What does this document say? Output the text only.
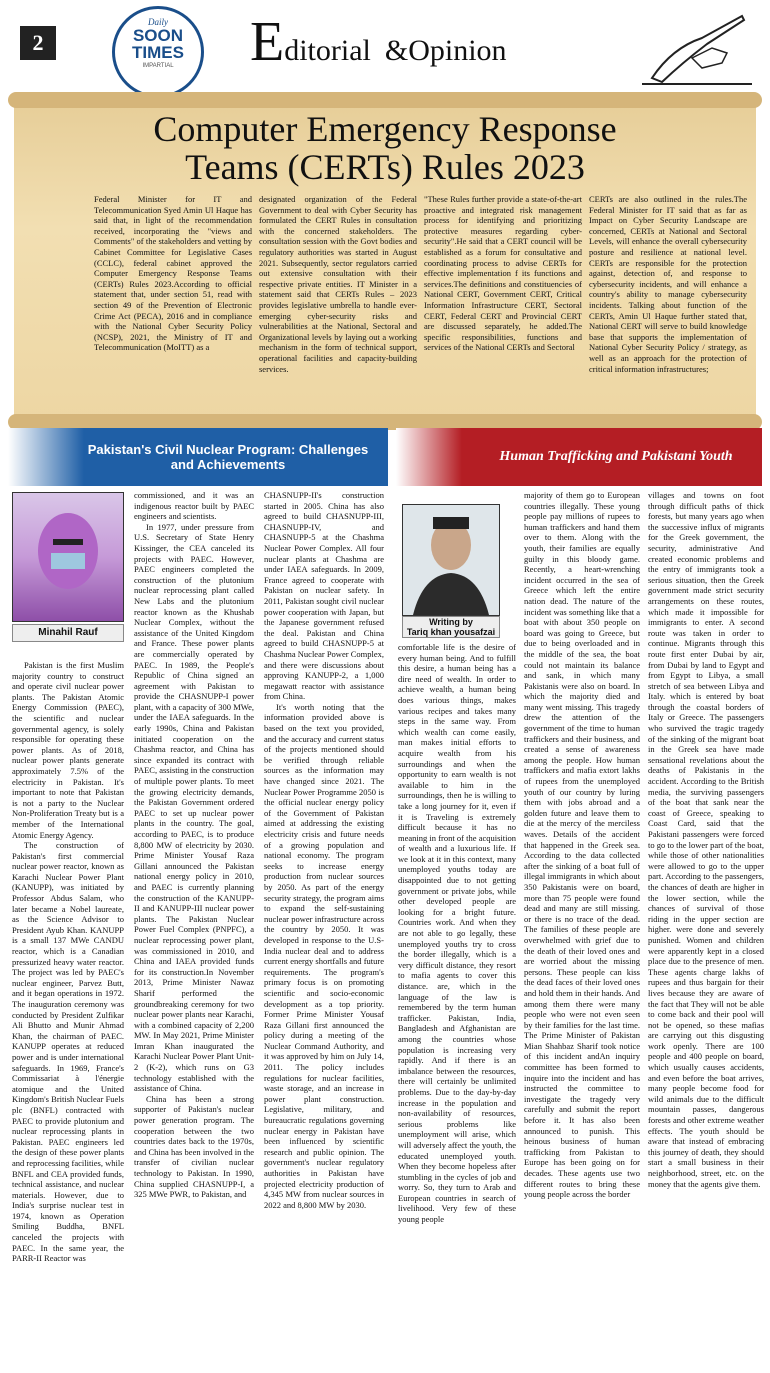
2
Daily
SOON
TIMES
IMPARTIAL	Editorial &Opinion
Computer Emergency Response Teams (CERTs) Rules 2023
Federal Minister for IT and Telecommunication Syed Amin Ul Haque has said that, in light of the recommendation received, incorporating the "views and Comments" of the stakeholders and vetting by Cabinet Committee for Legislative Cases (CCLC), federal cabinet approved the Computer Emergency Response Teams (CERTs) Rules 2023.According to official statement that, under section 51, read with section 49 of the Prevention of Electronic Crime Act (PECA), 2016 and in compliance with the National Cyber Security Policy (NCSP), 2021, the Ministry of IT and Telecommunication (MoITT) as a
designated organization of the Federal Government to deal with Cyber Security has formulated the CERT Rules in consultation with the concerned stakeholders. The consultation session with the Govt bodies and regulatory authorities was started in August 2021. Subsequently, sector regulators carried out extensive consultation with their respective private entities. IT Minister in a statement said that CERTs Rules – 2023 provides legislative umbrella to handle ever-emerging cyber-security risks and vulnerabilities at the National, Sectoral and Organizational levels by laying out a working mechanism in the form of technical support, operational facilities and capacity-building services.
"These Rules further provide a state-of-the-art proactive and integrated risk management process for identifying and prioritizing protective measures regarding cyber-security".He said that a CERT council will be established as a forum for consultative and coordinating process to advise CERTs for effective implementation f its functions and services.The definitions and constituencies of National CERT, Government CERT, Critical Information Infrastructure CERT, Sectoral CERT, Federal CERT and Provincial CERT are discussed separately, he added.The specific responsibilities, functions and services of the National CERTs and Sectoral
CERTs are also outlined in the rules.The Federal Minister for IT said that as far as Impact on Cyber Security Landscape are concerned, CERTs at National and Sectoral Levels, will enhance the overall cybersecurity posture and resilience at national level. CERTs are responsible for the protection against, detection of, and response to cybersecurity incidents, and will enhance a country's ability to manage cybersecurity incidents. Talking about function of the CERTs, Amin Ul Haque further stated that, National CERT will serve to build knowledge base that supports the implementation of National Cyber Security Policy / strategy, as well as an approach for the protection of critical information infrastructures;
Pakistan's Civil Nuclear Program: Challenges and Achievements
Minahil Rauf

Pakistan is the first Muslim majority country to construct and operate civil nuclear power plants. The Pakistan Atomic Energy Commission (PAEC), the scientific and nuclear governmental agency, is solely responsible for operating these power plants. As of 2018, nuclear power plants generate approximately 7.5% of the electricity in Pakistan. It's important to note that Pakistan is not a party to the Nuclear Non-Proliferation Treaty but is a member of the International Atomic Energy Agency.

The construction of Pakistan's first commercial nuclear power reactor, known as Karachi Nuclear Power Plant (KANUPP), was initiated by Professor Abdus Salam, who later became a Nobel laureate, as the Science Advisor to President Ayub Khan. KANUPP is a small 137 MWe CANDU reactor, which is a Canadian pressurized heavy water reactor. The project was led by PAEC's nuclear engineer, Parvez Butt, and it began operations in 1972. The inauguration ceremony was conducted by President Zulfikar Ali Bhutto and Munir Ahmad Khan, the chairman of PAEC. KANUPP operates at reduced power and is under international safeguards. In 1969, France's Commissariat à l'énergie atomique and the United Kingdom's British Nuclear Fuels plc (BNFL) contracted with PAEC to provide plutonium and nuclear reprocessing plants in Pakistan. PAEC engineers led the design of these power plants and reprocessing facilities, while BNFL and CEA provided funds, technical assistance, and nuclear materials. However, due to India's surprise nuclear test in 1974, known as Operation Smiling Buddha, BNFL canceled the projects with PAEC. In the same year, the PARR-II Reactor was

commissioned, and it was an indigenous reactor built by PAEC engineers and scientists.

In 1977, under pressure from U.S. Secretary of State Henry Kissinger, the CEA canceled its projects with PAEC. However, PAEC engineers completed the construction of the plutonium nuclear reprocessing plant called New Labs and the plutonium reactor known as the Khushab Nuclear Complex, without the assistance of the United Kingdom and France. These power plants are commercially operated by PAEC. In 1989, the People's Republic of China signed an agreement with Pakistan to provide the CHASNUPP-I power plant, with a capacity of 300 MWe, under the IAEA safeguards. In the early 1990s, China and Pakistan initiated cooperation on the Chashma reactor, and China has since expanded its contract with PAEC, assisting in the construction of multiple power plants. To meet the growing electricity demands, the Pakistan Government ordered PAEC to set up nuclear power plants in the country. The goal, according to PAEC, is to produce 8,800 MW of electricity by 2030. Prime Minister Yousaf Raza Gillani announced the Pakistan national energy policy in 2010, and PAEC is currently planning the construction of the KANUPP-II and KANUPP-III nuclear power plants. The Pakistan Nuclear Power Fuel Complex (PNPFC), a nuclear reprocessing power plant, was commissioned in 2010, and China and IAEA provided funds for its construction.In November 2013, Prime Minister Nawaz Sharif performed the groundbreaking ceremony for two nuclear power plants near Karachi, with a combined capacity of 2,200 MW. In May 2021, Prime Minister Imran Khan inaugurated the Karachi Nuclear Power Plant Unit-2 (K-2), which runs on G3 technology established with the assistance of China.

China has been a strong supporter of Pakistan's nuclear power generation program. The cooperation between the two countries dates back to the 1970s, and China has been involved in the transfer of civilian nuclear technology to Pakistan. In 1990, China supplied CHASNUPP-I, a 325 MWe PWR, to Pakistan, and

CHASNUPP-II's construction started in 2005. China has also agreed to build CHASNUPP-III, CHASNUPP-IV, and CHASNUPP-5 at the Chashma Nuclear Power Complex. All four nuclear plants at Chashma are under IAEA safeguards. In 2009, France agreed to cooperate with Pakistan on nuclear safety. In 2011, Pakistan sought civil nuclear power cooperation with Japan, but the Japanese government refused the deal. Pakistan and China agreed to build CHASNUPP-5 at Chashma Nuclear Power Complex, and there were discussions about approving KANUPP-2, a 1,000 megawatt reactor with assistance from China.

It's worth noting that the information provided above is based on the text you provided, and the accuracy and current status of the projects mentioned should be verified through reliable sources as the information may have changed since 2021. The Nuclear Power Programme 2050 is the official nuclear energy policy of the Government of Pakistan aimed at addressing the existing electricity crisis and future needs of a growing population and national economy. The program seeks to increase energy production from nuclear sources by 2050. As part of the energy security strategy, the program aims to expand the self-sustaining nuclear power infrastructure across the country by 2050. It was developed in response to the U.S-India nuclear deal and to address current energy shortfalls and future requirements. The program's primary focus is on promoting scientific and socio-economic development as a top priority. Former Prime Minister Yousaf Raza Gillani first announced the policy during a meeting of the Nuclear Command Authority, and it was approved by him on July 14, 2011. The policy includes regulations for nuclear facilities, waste storage, and an increase in power plant construction. Legislative, military, and bureaucratic regulations governing nuclear energy in Pakistan have been influenced by scientific research and public opinion. The government's nuclear regulatory authorities in Pakistan have projected electricity production of 4,345 MW from nuclear sources in 2022 and 8,800 MW by 2030.

Human Trafficking and Pakistani Youth
Writing by
Tariq khan yousafzai

comfortable life is the desire of every human being. And to fulfill this desire, a human being has a dire need of wealth. In order to achieve wealth, a human being does various things, makes various recipes and takes many steps in the same way. From which wealth can come easily, man makes initial efforts to acquire wealth from his surroundings and when the opportunity to earn wealth is not available to him in the surroundings, then he is willing to take a long journey for it, even if it is Traveling is extremely difficult because it has no meaning in front of the acquisition of wealth and a luxurious life. If we look at it in this context, many unemployed youths today are disappointed due to not getting government or private jobs, while other developed people are looking for a bright future. Countries work. And when they are not able to go legally, these unemployed youths try to cross the border illegally, which is a very difficult distance, they resort to mafia agents to cover this distance. are, which in the language of the law is remembered by the term human trafficker. Pakistan, India, Bangladesh and Afghanistan are among the countries whose population is increasing very rapidly. And if there is an imbalance between the resources, there will certainly be unlimited problems. Due to the day-by-day increase in the population and non-availability of resources, serious problems like unemployment will arise, which will adversely affect the youth, the educated unemployed youth. When they become hopeless after stumbling in the cycles of job and worry. So, they turn to Arab and European countries in search of livelihood. Very few of these young people

majority of them go to European countries illegally. These young people pay millions of rupees to human traffickers and hand them over to them. Along with the youth, their families are equally guilty in this bloody game. Recently, a heart-wrenching incident occurred in the sea of Greece which left the entire nation dead. The nature of the incident was something like that a boat with about 350 people on board was going to Greece, but due to being overloaded and in the middle of the sea, the boat could not maintain its balance and sank, in which many Pakistanis were also on board. In which the majority died and many went missing. This tragedy drew the attention of the government of the time to human traffickers and their business, and created a sense of awareness among the people. How human traffickers and mafia extort lakhs of rupees from the unemployed youth of our country by luring them with jobs abroad and a golden future and leave them to die at the mercy of the merciless waves. Details of the accident that happened in the Greek sea. According to the data collected after the sinking of a boat full of illegal immigrants in which about 350 Pakistanis were on board, more than 75 people were found dead and many are still missing. or there is no trace of the dead. The families of these people are overwhelmed with grief due to the death of their loved ones and are worried about the missing persons. These people can kiss the dead faces of their loved ones and hold them in their hands. And among them there were many people who were not even seen by their families for the last time. The Prime Minister of Pakistan Mian Shahbaz Sharif took notice of this incident andAn inquiry committee has been formed to inquire into the incident and has instructed the committee to investigate the tragedy very carefully and submit the report before it. It has also been announced to punish. This heinous business of human trafficking from Pakistan to Europe has been going on for decades. These agents use two different routes to bring these young people across the border

villages and towns on foot through difficult paths of thick forests, but many years ago when the successive influx of migrants for the Greek government, the security, administrative And created economic problems and the entry of immigrants took a serious situation, then the Greek government made strict security arrangements on these routes, which made it impossible for immigrants to enter. A second route was taken in order to continue. Migrants through this route first enter Dubai by air, from Dubai by land to Egypt and from Egypt to Libya, a small stretch of sea between Libya and Italy. which is entered by boat through the coastal borders of Italy or Greece. The passengers who survived the tragic tragedy of the sinking of the migrant boat in the Greek sea have made sensational revelations about the deaths of Pakistanis in the accident. According to the British media, the surviving passengers of the boat that sank near the coast of Greece, speaking to Coast Card, said that the Pakistani passengers were forced to go to the lower part of the boat, while those of other nationalities were allowed to go to the upper part. According to the passengers, the chances of death are higher in the lower section, while the chances of survival of those riding in the upper section are higher. were done and severely punished. Women and children were apparently kept in a closed place due to the presence of men. These agents charge lakhs of rupees and thus bargain for their lives because they are aware of the fact that They will not be able to come back and their pool will not be opened, so these mafias are carrying out this disgusting work openly. There are 100 people and 400 people on board, which usually causes accidents, and even before the boat arrives, many people become food for wild animals due to the difficult mountain passes, dangerous forests and other extreme weather effects. The youth should be aware that instead of embracing this journey of death, they should start a small business in their neighborhood, street, etc. on the money that the agents give them.
